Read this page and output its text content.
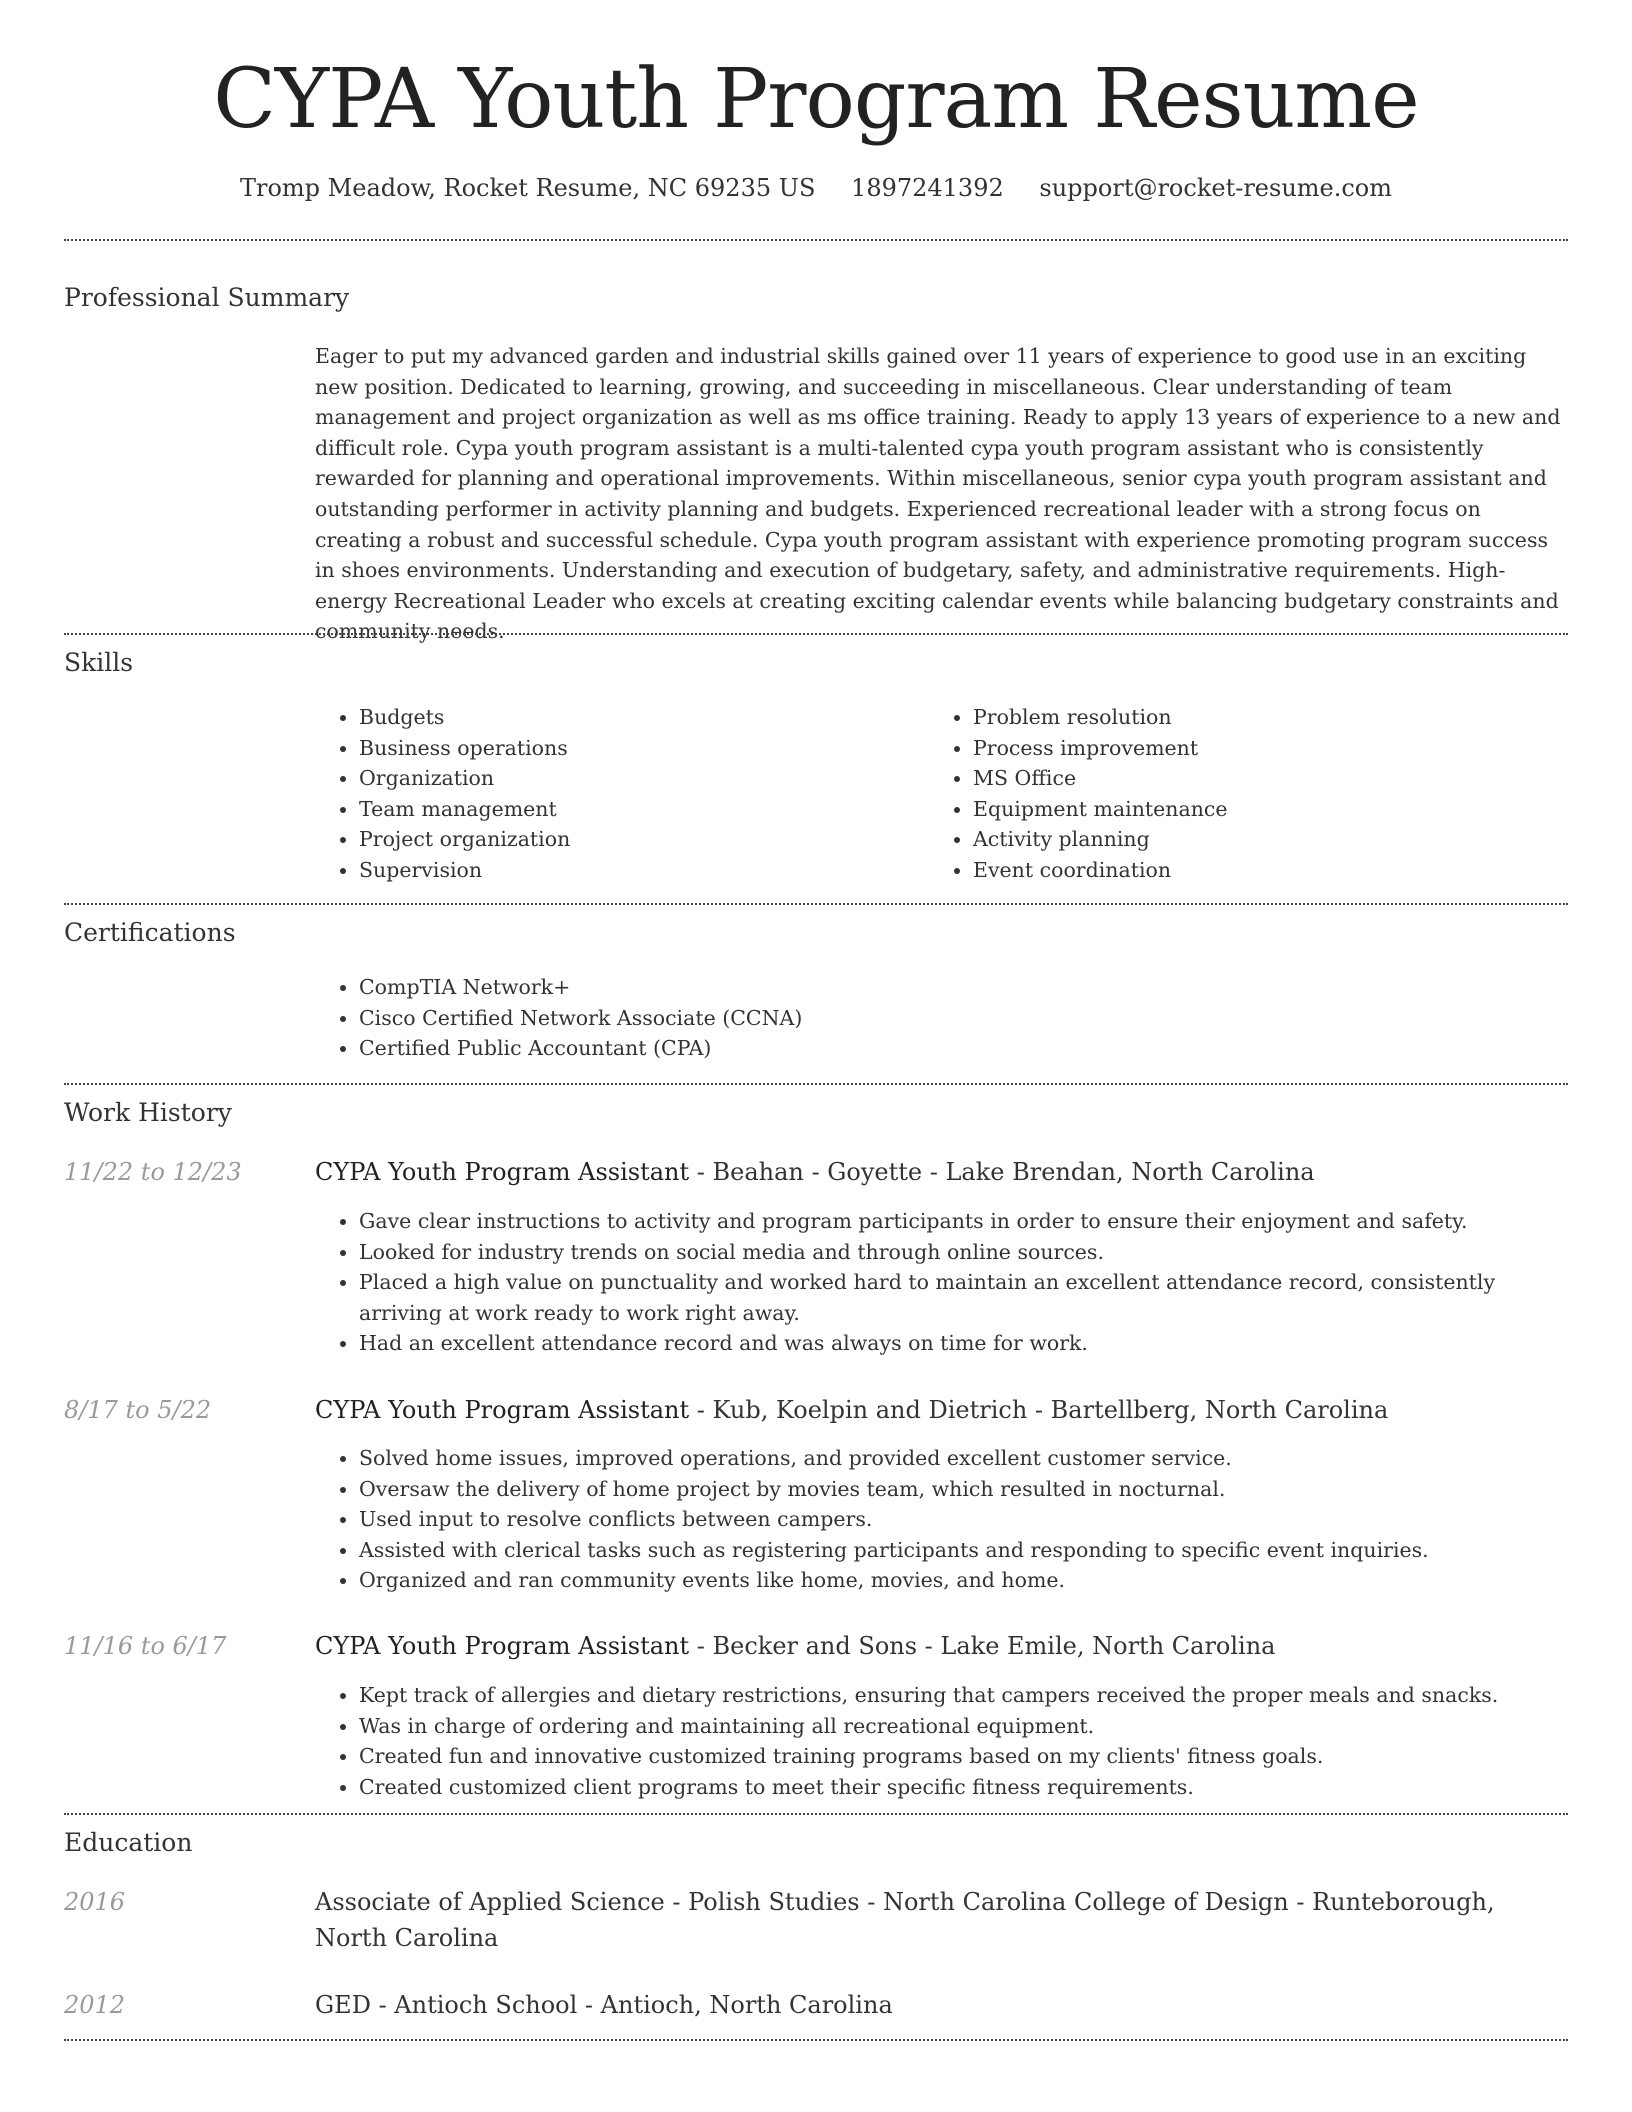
CYPA Youth Program Resume
Tromp Meadow, Rocket Resume, NC 69235 US 1897241392 support@rocket-resume.com
Professional Summary
Eager to put my advanced garden and industrial skills gained over 11 years of experience to good use in an exciting new position. Dedicated to learning, growing, and succeeding in miscellaneous. Clear understanding of team management and project organization as well as ms office training. Ready to apply 13 years of experience to a new and difficult role. Cypa youth program assistant is a multi-talented cypa youth program assistant who is consistently rewarded for planning and operational improvements. Within miscellaneous, senior cypa youth program assistant and outstanding performer in activity planning and budgets. Experienced recreational leader with a strong focus on creating a robust and successful schedule. Cypa youth program assistant with experience promoting program success in shoes environments. Understanding and execution of budgetary, safety, and administrative requirements. High-energy Recreational Leader who excels at creating exciting calendar events while balancing budgetary constraints and community needs.
Skills
• Budgets
• Business operations
• Organization
• Team management
• Project organization
• Supervision
• Problem resolution
• Process improvement
• MS Office
• Equipment maintenance
• Activity planning
• Event coordination
Certifications
• CompTIA Network+
• Cisco Certified Network Associate (CCNA)
• Certified Public Accountant (CPA)
Work History
11/22 to 12/23	CYPA Youth Program Assistant - Beahan - Goyette - Lake Brendan, North Carolina
• Gave clear instructions to activity and program participants in order to ensure their enjoyment and safety.
• Looked for industry trends on social media and through online sources.
• Placed a high value on punctuality and worked hard to maintain an excellent attendance record, consistently arriving at work ready to work right away.
• Had an excellent attendance record and was always on time for work.
8/17 to 5/22	CYPA Youth Program Assistant - Kub, Koelpin and Dietrich - Bartellberg, North Carolina
• Solved home issues, improved operations, and provided excellent customer service.
• Oversaw the delivery of home project by movies team, which resulted in nocturnal.
• Used input to resolve conflicts between campers.
• Assisted with clerical tasks such as registering participants and responding to specific event inquiries.
• Organized and ran community events like home, movies, and home.
11/16 to 6/17	CYPA Youth Program Assistant - Becker and Sons - Lake Emile, North Carolina
• Kept track of allergies and dietary restrictions, ensuring that campers received the proper meals and snacks.
• Was in charge of ordering and maintaining all recreational equipment.
• Created fun and innovative customized training programs based on my clients' fitness goals.
• Created customized client programs to meet their specific fitness requirements.
Education
2016	Associate of Applied Science - Polish Studies - North Carolina College of Design - Runteborough, North Carolina
2012	GED - Antioch School - Antioch, North Carolina
